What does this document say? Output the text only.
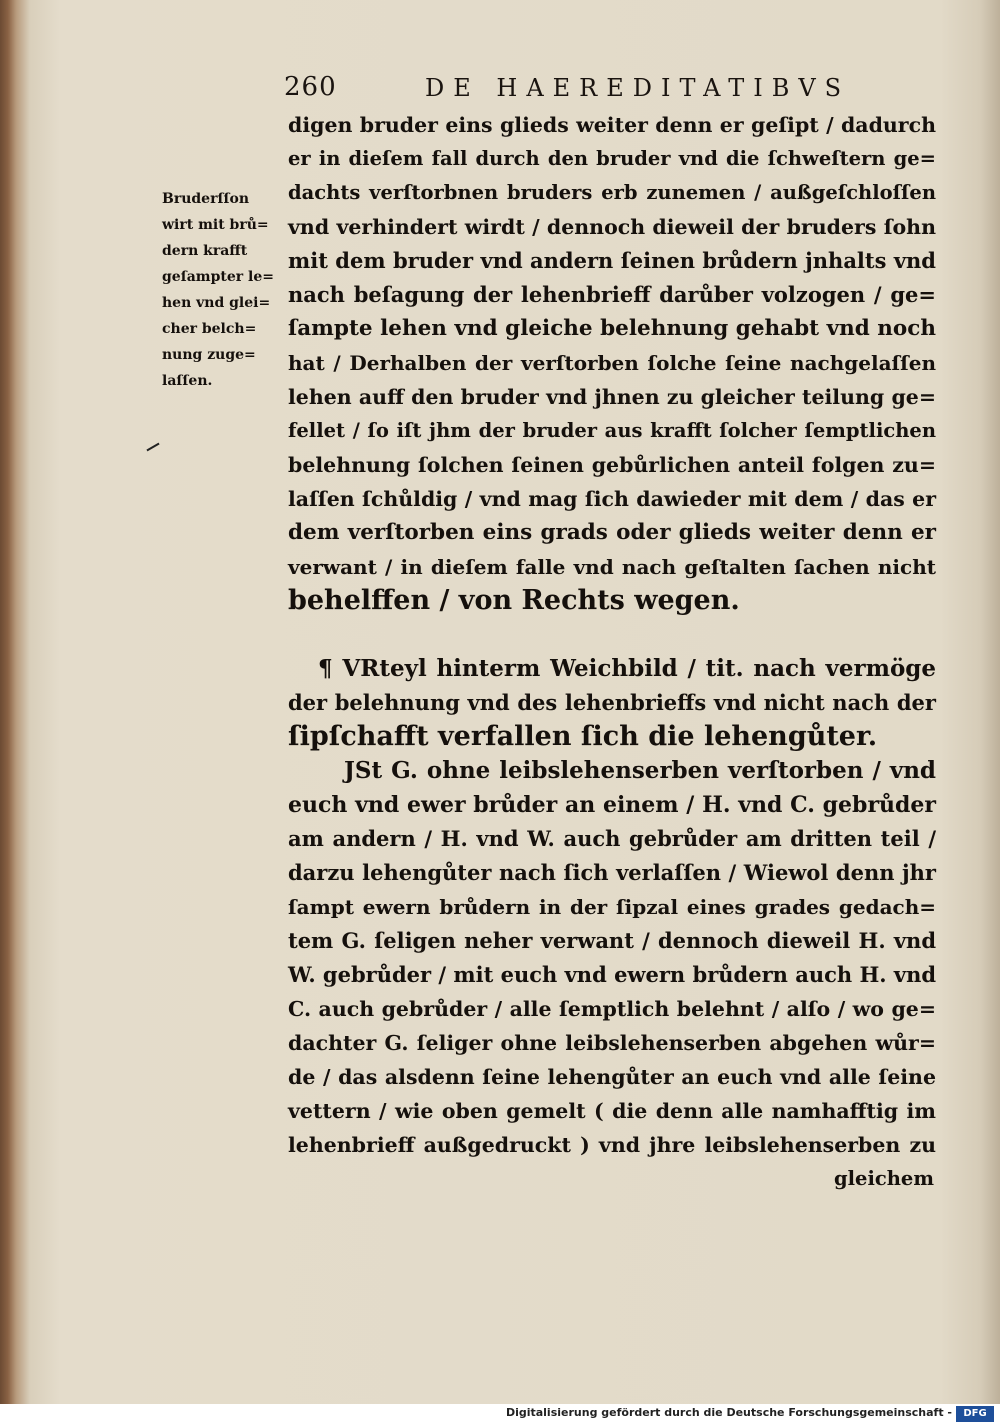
260	DE HAEREDITATIBVS
Bruderſſon
wirt mit brů=
dern krafft
geſampter le=
hen vnd glei=
cher belch=
nung zuge=
laſſen.
digen bruder eins glieds weiter denn er geſipt / dadurch
er in dieſem fall durch den bruder vnd die ſchweſtern ge=
dachts verſtorbnen bruders erb zunemen / außgeſchloſſen
vnd verhindert wirdt / dennoch dieweil der bruders ſohn
mit dem bruder vnd andern ſeinen brůdern jnhalts vnd
nach beſagung der lehenbrieff darůber volzogen / ge=
ſampte lehen vnd gleiche belehnung gehabt vnd noch
hat / Derhalben der verſtorben ſolche ſeine nachgelaſſen
lehen auff den bruder vnd jhnen zu gleicher teilung ge=
fellet / ſo iſt jhm der bruder aus krafft ſolcher ſemptlichen
belehnung ſolchen ſeinen gebůrlichen anteil folgen zu=
laſſen ſchůldig / vnd mag ſich dawieder mit dem / das er
dem verſtorben eins grads oder glieds weiter denn er
verwant / in dieſem falle vnd nach geſtalten ſachen nicht
behelffen / von Rechts wegen.
¶ VRteyl hinterm Weichbild / tit. nach vermöge
der belehnung vnd des lehenbrieffs vnd nicht nach der
ſipſchafft verfallen ſich die lehengůter.
JSt G. ohne leibslehenserben verſtorben / vnd
euch vnd ewer brůder an einem / H. vnd C. gebrůder
am andern / H. vnd W. auch gebrůder am dritten teil /
darzu lehengůter nach ſich verlaſſen / Wiewol denn jhr
ſampt ewern brůdern in der ſipzal eines grades gedach=
tem G. ſeligen neher verwant / dennoch dieweil H. vnd
W. gebrůder / mit euch vnd ewern brůdern auch H. vnd
C. auch gebrůder / alle ſemptlich belehnt / alſo / wo ge=
dachter G. ſeliger ohne leibslehenserben abgehen wůr=
de / das alsdenn ſeine lehengůter an euch vnd alle ſeine
vettern / wie oben gemelt ( die denn alle namhafftig im
lehenbrieff außgedruckt ) vnd jhre leibslehenserben zu
gleichem
Digitalisierung gefördert durch die Deutsche Forschungsgemeinschaft -	DFG
